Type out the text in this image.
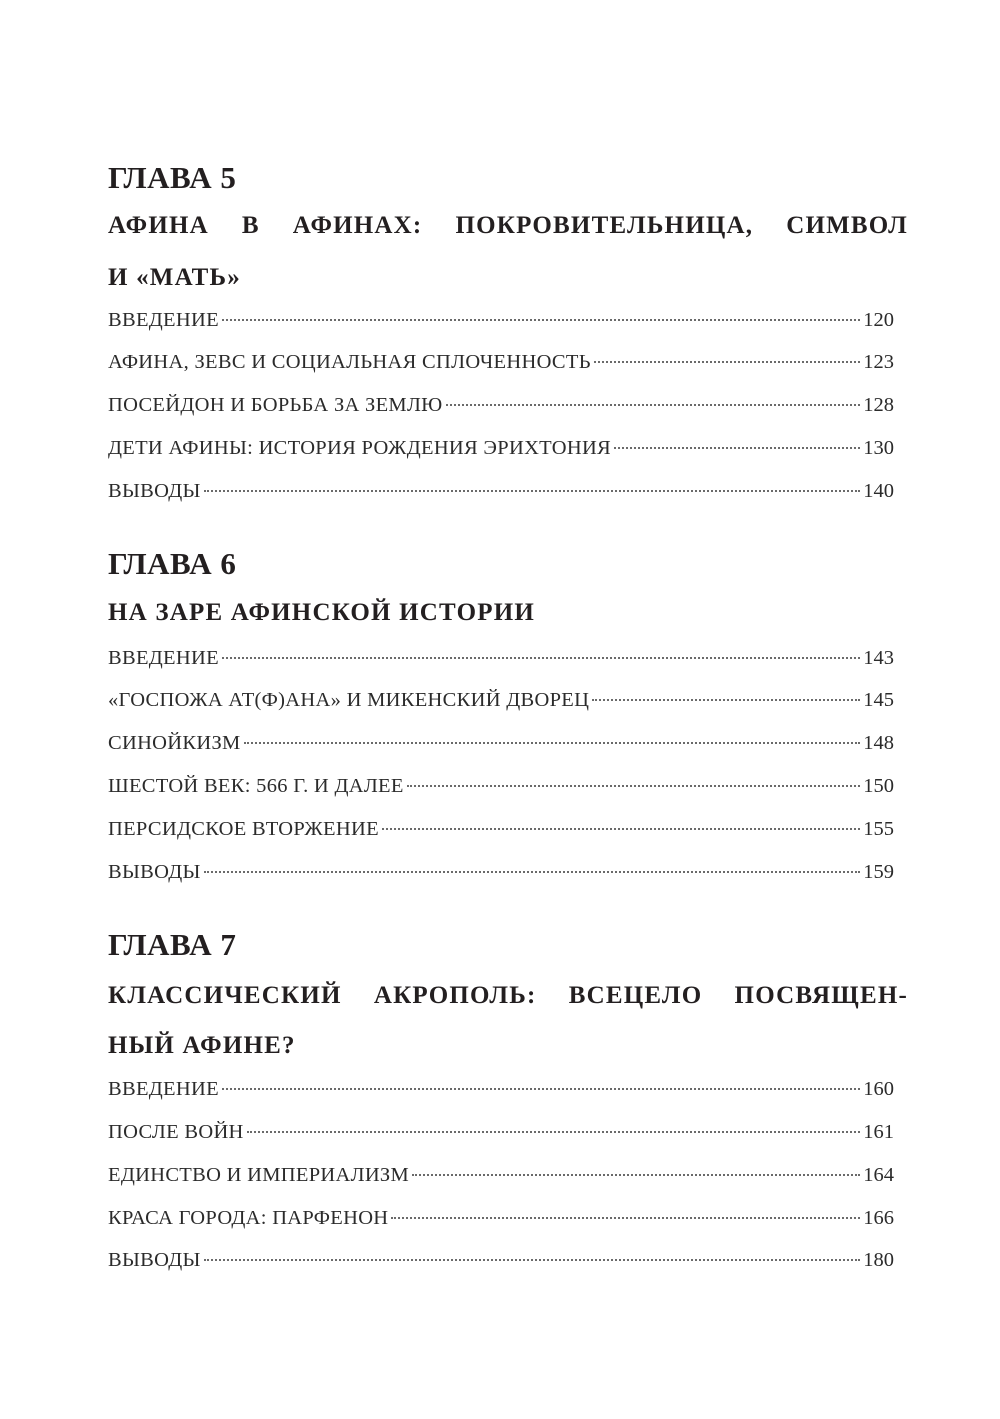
ГЛАВА 5
АФИНА В АФИНАХ: ПОКРОВИТЕЛЬНИЦА, СИМВОЛ
И «МАТЬ»
ВВЕДЕНИЕ	120
АФИНА, ЗЕВС И СОЦИАЛЬНАЯ СПЛОЧЕННОСТЬ	123
ПОСЕЙДОН И БОРЬБА ЗА ЗЕМЛЮ	128
ДЕТИ АФИНЫ: ИСТОРИЯ РОЖДЕНИЯ ЭРИХТОНИЯ	130
ВЫВОДЫ	140
ГЛАВА 6
НА ЗАРЕ АФИНСКОЙ ИСТОРИИ
ВВЕДЕНИЕ	143
«ГОСПОЖА АТ(Ф)АНА» И МИКЕНСКИЙ ДВОРЕЦ	145
СИНОЙКИЗМ	148
ШЕСТОЙ ВЕК: 566 Г. И ДАЛЕЕ	150
ПЕРСИДСКОЕ ВТОРЖЕНИЕ	155
ВЫВОДЫ	159
ГЛАВА 7
КЛАССИЧЕСКИЙ АКРОПОЛЬ: ВСЕЦЕЛО ПОСВЯЩЕН-
НЫЙ АФИНЕ?
ВВЕДЕНИЕ	160
ПОСЛЕ ВОЙН	161
ЕДИНСТВО И ИМПЕРИАЛИЗМ	164
КРАСА ГОРОДА: ПАРФЕНОН	166
ВЫВОДЫ	180
